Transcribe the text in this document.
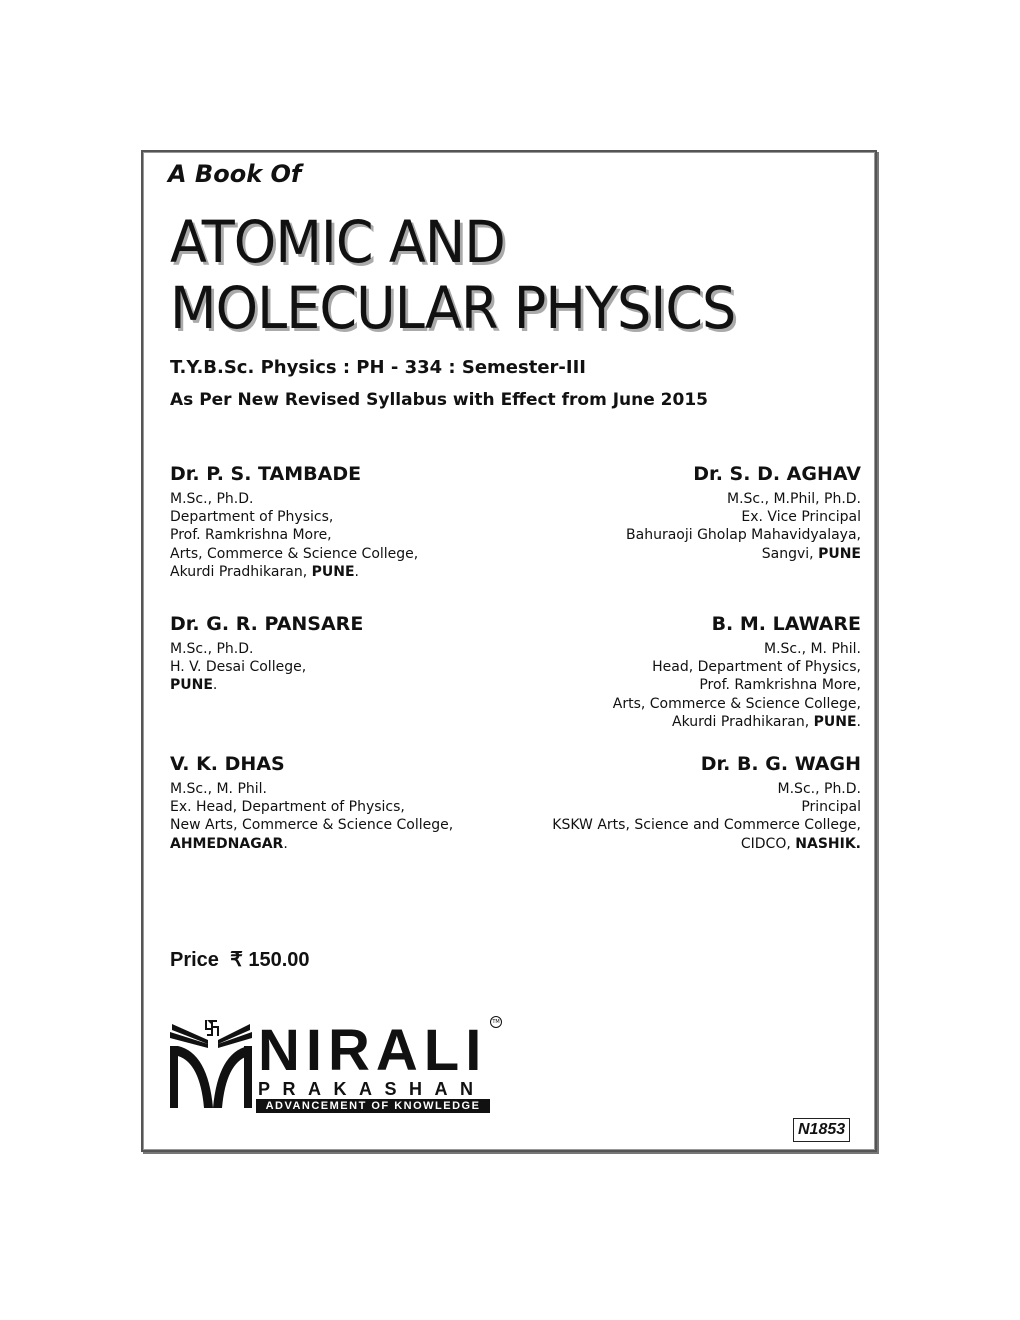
A Book Of
ATOMIC AND
MOLECULAR PHYSICS
T.Y.B.Sc. Physics : PH - 334 : Semester-III
As Per New Revised Syllabus with Effect from June 2015
Dr. P. S. TAMBADE
M.Sc., Ph.D.
Department of Physics,
Prof. Ramkrishna More,
Arts, Commerce & Science College,
Akurdi Pradhikaran, PUNE.
Dr. S. D. AGHAV
M.Sc., M.Phil, Ph.D.
Ex. Vice Principal
Bahuraoji Gholap Mahavidyalaya,
Sangvi, PUNE
Dr. G. R. PANSARE
M.Sc., Ph.D.
H. V. Desai College,
PUNE.
B. M. LAWARE
M.Sc., M. Phil.
Head, Department of Physics,
Prof. Ramkrishna More,
Arts, Commerce & Science College,
Akurdi Pradhikaran, PUNE.
V. K. DHAS
M.Sc., M. Phil.
Ex. Head, Department of Physics,
New Arts, Commerce & Science College,
AHMEDNAGAR.
Dr. B. G. WAGH
M.Sc., Ph.D.
Principal
KSKW Arts, Science and Commerce College,
CIDCO, NASHIK.
Price ₹ 150.00
NIRALI TM
PRAKASHAN
ADVANCEMENT OF KNOWLEDGE
N1853
